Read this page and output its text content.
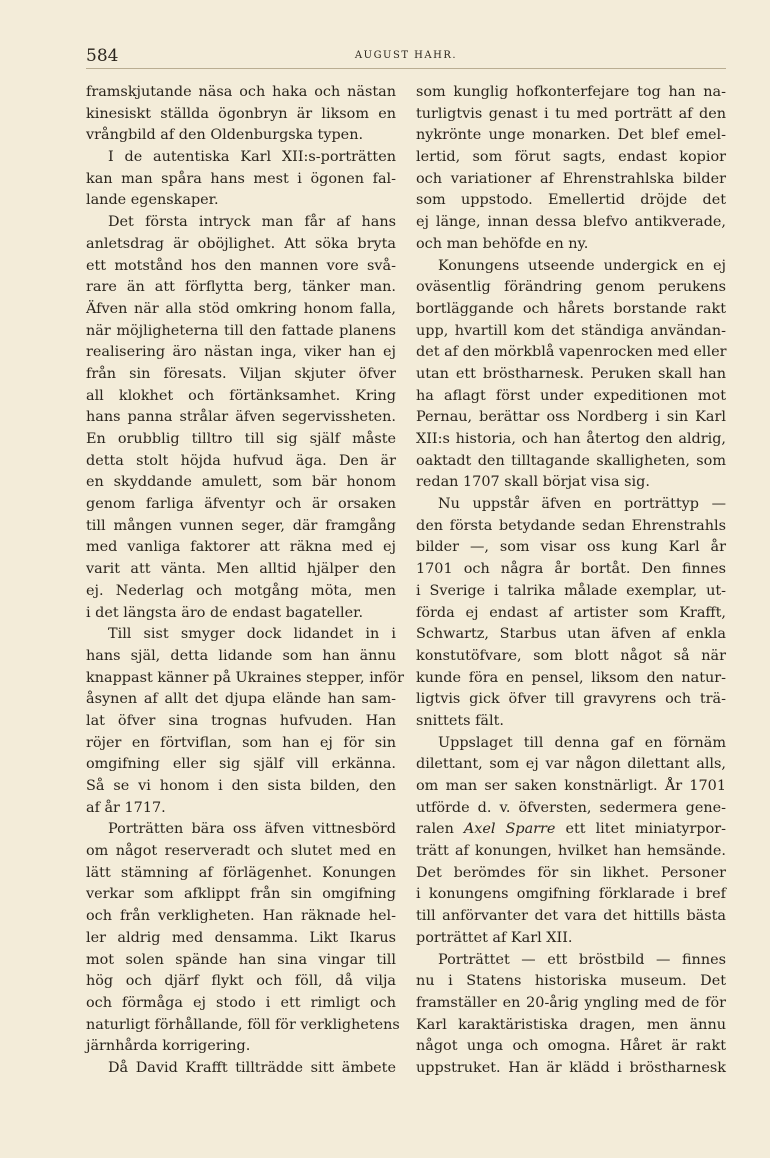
584	AUGUST HAHR.
framskjutande näsa och haka och nästan
kinesiskt ställda ögonbryn är liksom en
vrångbild af den Oldenburgska typen.
I de autentiska Karl XII:s-porträtten
kan man spåra hans mest i ögonen fal-
lande egenskaper.
Det första intryck man får af hans
anletsdrag är oböjlighet. Att söka bryta
ett motstånd hos den mannen vore svå-
rare än att förflytta berg, tänker man.
Äfven när alla stöd omkring honom falla,
när möjligheterna till den fattade planens
realisering äro nästan inga, viker han ej
från sin föresats. Viljan skjuter öfver
all klokhet och förtänksamhet. Kring
hans panna strålar äfven segervissheten.
En orubblig tilltro till sig själf måste
detta stolt höjda hufvud äga. Den är
en skyddande amulett, som bär honom
genom farliga äfventyr och är orsaken
till mången vunnen seger, där framgång
med vanliga faktorer att räkna med ej
varit att vänta. Men alltid hjälper den
ej. Nederlag och motgång möta, men
i det längsta äro de endast bagateller.
Till sist smyger dock lidandet in i
hans själ, detta lidande som han ännu
knappast känner på Ukraines stepper, inför
åsynen af allt det djupa elände han sam-
lat öfver sina trognas hufvuden. Han
röjer en förtviflan, som han ej för sin
omgifning eller sig själf vill erkänna.
Så se vi honom i den sista bilden, den
af år 1717.
Porträtten bära oss äfven vittnesbörd
om något reserveradt och slutet med en
lätt stämning af förlägenhet. Konungen
verkar som afklippt från sin omgifning
och från verkligheten. Han räknade hel-
ler aldrig med densamma. Likt Ikarus
mot solen spände han sina vingar till
hög och djärf flykt och föll, då vilja
och förmåga ej stodo i ett rimligt och
naturligt förhållande, föll för verklighetens
järnhårda korrigering.
Då David Krafft tillträdde sitt ämbete
som kunglig hofkonterfejare tog han na-
turligtvis genast i tu med porträtt af den
nykrönte unge monarken. Det blef emel-
lertid, som förut sagts, endast kopior
och variationer af Ehrenstrahlska bilder
som uppstodo. Emellertid dröjde det
ej länge, innan dessa blefvo antikverade,
och man behöfde en ny.
Konungens utseende undergick en ej
oväsentlig förändring genom perukens
bortläggande och hårets borstande rakt
upp, hvartill kom det ständiga användan-
det af den mörkblå vapenrocken med eller
utan ett bröstharnesk. Peruken skall han
ha aflagt först under expeditionen mot
Pernau, berättar oss Nordberg i sin Karl
XII:s historia, och han återtog den aldrig,
oaktadt den tilltagande skalligheten, som
redan 1707 skall börjat visa sig.
Nu uppstår äfven en porträttyp —
den första betydande sedan Ehrenstrahls
bilder —, som visar oss kung Karl år
1701 och några år bortåt. Den finnes
i Sverige i talrika målade exemplar, ut-
förda ej endast af artister som Krafft,
Schwartz, Starbus utan äfven af enkla
konstutöfvare, som blott något så när
kunde föra en pensel, liksom den natur-
ligtvis gick öfver till gravyrens och trä-
snittets fält.
Uppslaget till denna gaf en förnäm
dilettant, som ej var någon dilettant alls,
om man ser saken konstnärligt. År 1701
utförde d. v. öfversten, sedermera gene-
ralen Axel Sparre ett litet miniatyrpor-
trätt af konungen, hvilket han hemsände.
Det berömdes för sin likhet. Personer
i konungens omgifning förklarade i bref
till anförvanter det vara det hittills bästa
porträttet af Karl XII.
Porträttet — ett bröstbild — finnes
nu i Statens historiska museum. Det
framställer en 20-årig yngling med de för
Karl karaktäristiska dragen, men ännu
något unga och omogna. Håret är rakt
uppstruket. Han är klädd i bröstharnesk
